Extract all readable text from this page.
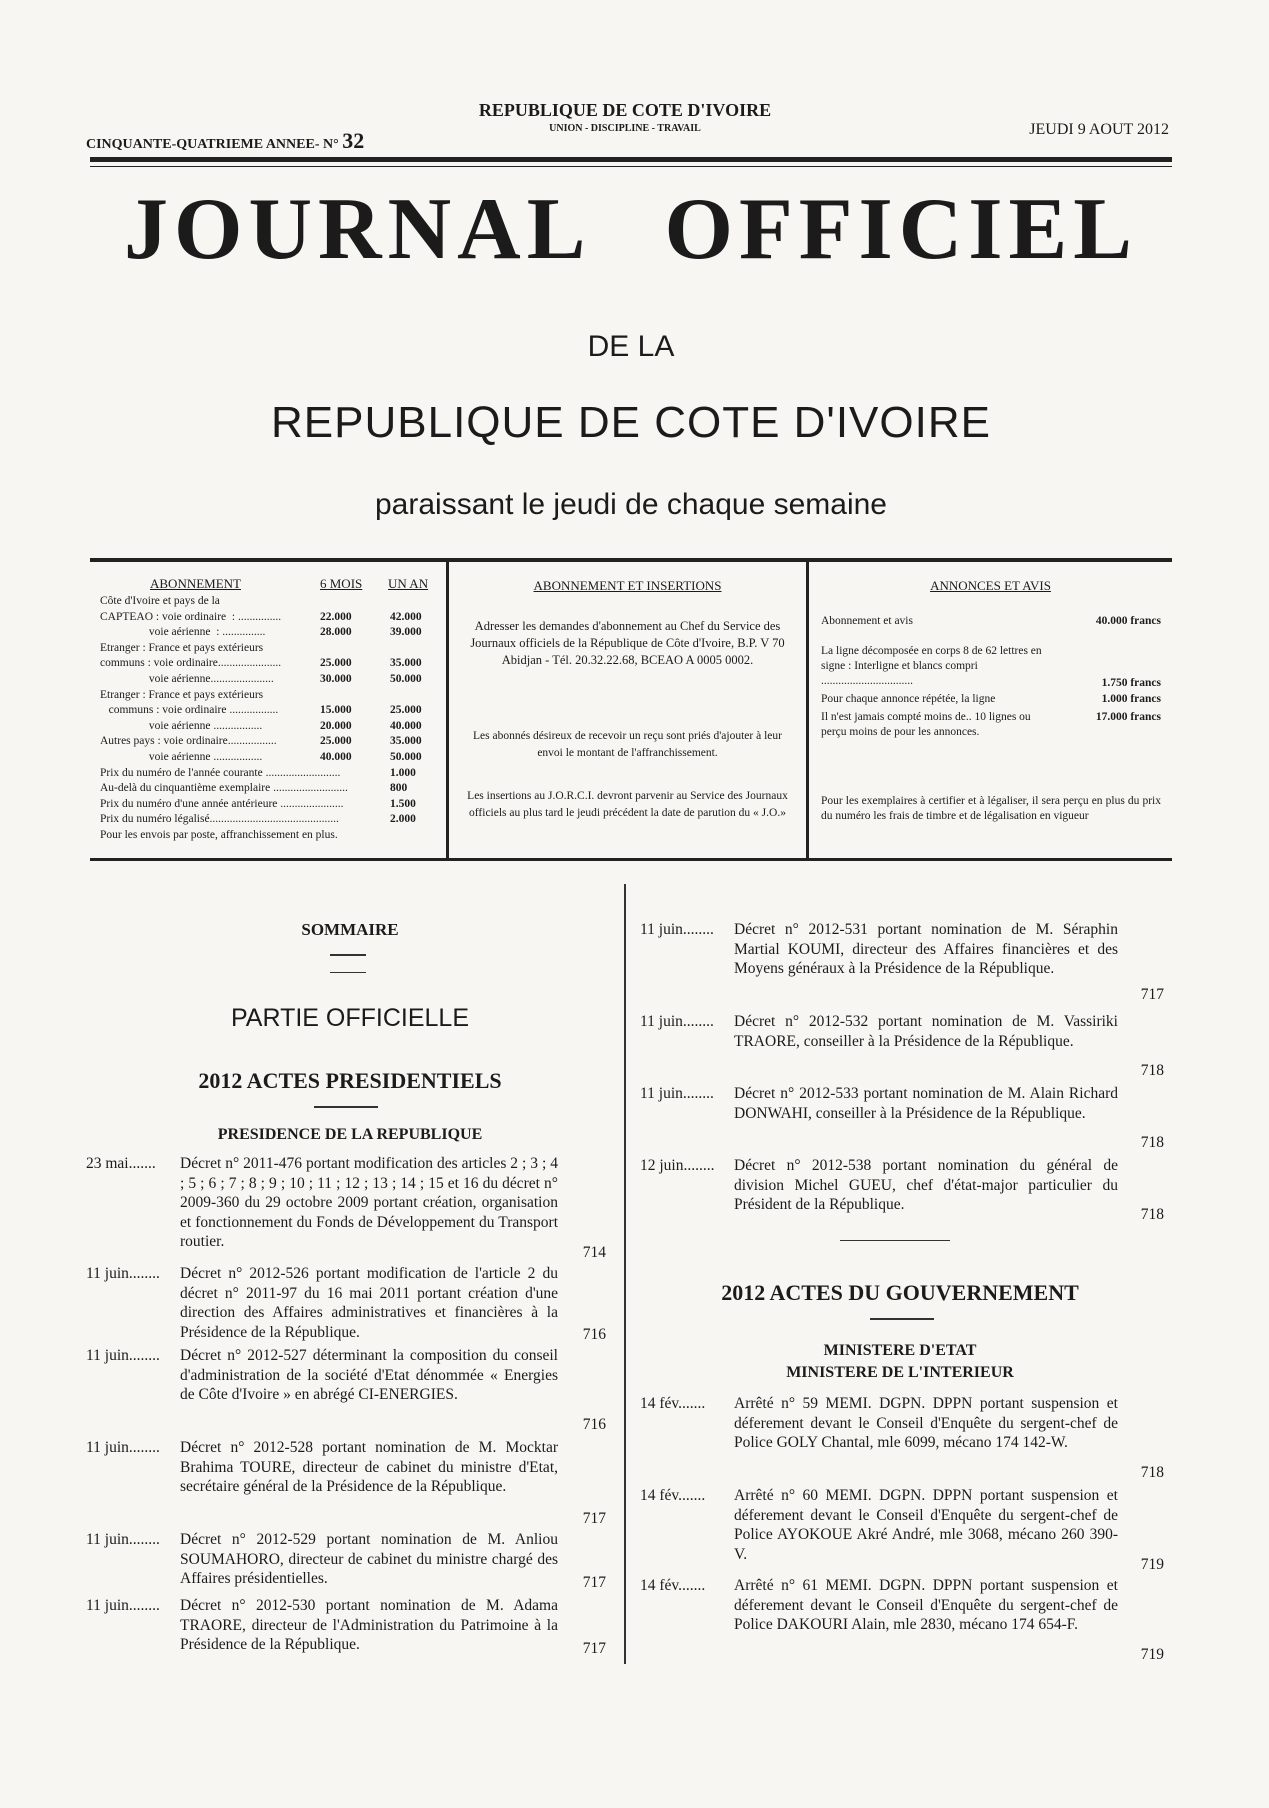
CINQUANTE-QUATRIEME ANNEE- N° 32
REPUBLIQUE DE COTE D'IVOIRE
UNION - DISCIPLINE - TRAVAIL	JEUDI 9 AOUT 2012
JOURNAL OFFICIEL
DE LA
REPUBLIQUE DE COTE D'IVOIRE
paraissant le jeudi de chaque semaine
ABONNEMENT	6 MOIS UN AN
Côte d'Ivoire et pays de la
CAPTEAO : voie ordinaire  : ...............	22.000	42.000
voie aérienne  : ...............	28.000	39.000
Etranger : France et pays extérieurs
communs : voie ordinaire......................	25.000	35.000
voie aérienne......................	30.000	50.000
Etranger : France et pays extérieurs
communs : voie ordinaire .................	15.000	25.000
voie aérienne .................	20.000	40.000
Autres pays : voie ordinaire.................	25.000	35.000
voie aérienne .................	40.000	50.000
Prix du numéro de l'année courante ..........................	1.000
Au-delà du cinquantième exemplaire ..........................	800
Prix du numéro d'une année antérieure ......................	1.500
Prix du numéro légalisé.............................................	2.000
Pour les envois par poste, affranchissement en plus.
ABONNEMENT ET INSERTIONS

Adresser les demandes d'abonnement au Chef du Service des Journaux officiels de la République de Côte d'Ivoire, B.P. V 70 Abidjan - Tél. 20.32.22.68, BCEAO A 0005 0002.

Les abonnés désireux de recevoir un reçu sont priés d'ajouter à leur envoi le montant de l'affranchissement.

Les insertions au J.O.R.C.I. devront parvenir au Service des Journaux officiels au plus tard le jeudi précédent la date de parution du « J.O.»

ANNONCES ET AVIS
Abonnement et avis	40.000 francs
La ligne décomposée en corps 8 de 62 lettres en signe : Interligne et blancs compri ................................	1.750 francs
Pour chaque annonce répétée, la ligne	1.000 francs
Il n'est jamais compté moins de.. 10 lignes ou perçu moins de pour les annonces.
17.000 francs
Pour les exemplaires à certifier et à légaliser, il sera perçu en plus du prix du numéro les frais de timbre et de légalisation en vigueur
SOMMAIRE
PARTIE OFFICIELLE
2012 ACTES PRESIDENTIELS
PRESIDENCE DE LA REPUBLIQUE
23 mai....... Décret n° 2011-476 portant modification des articles 2 ; 3 ; 4 ; 5 ; 6 ; 7 ; 8 ; 9 ; 10 ; 11 ; 12 ; 13 ; 14 ; 15 et 16 du décret n° 2009-360 du 29 octobre 2009 portant création, organisation et fonctionnement du Fonds de Développement du Transport routier.
714
11 juin........ Décret n° 2012-526 portant modification de l'article 2 du décret n° 2011-97 du 16 mai 2011 portant création d'une direction des Affaires administratives et financières à la Présidence de la République.	716
11 juin........ Décret n° 2012-527 déterminant la composition du conseil d'administration de la société d'Etat dénommée « Energies de Côte d'Ivoire » en abrégé CI-ENERGIES.
716
11 juin........ Décret n° 2012-528 portant nomination de M. Mocktar Brahima TOURE, directeur de cabinet du ministre d'Etat, secrétaire général de la Présidence de la République.
717
11 juin........ Décret n° 2012-529 portant nomination de M. Anliou SOUMAHORO, directeur de cabinet du ministre chargé des Affaires présidentielles.	717
11 juin........ Décret n° 2012-530 portant nomination de M. Adama TRAORE, directeur de l'Administration du Patrimoine à la Présidence de la République.	717
11 juin........ Décret n° 2012-531 portant nomination de M. Séraphin Martial KOUMI, directeur des Affaires financières et des Moyens généraux à la Présidence de la République.
717
11 juin........ Décret n° 2012-532 portant nomination de M. Vassiriki TRAORE, conseiller à la Présidence de la République.
718
11 juin........ Décret n° 2012-533 portant nomination de M. Alain Richard DONWAHI, conseiller à la Présidence de la République.
718
12 juin........ Décret n° 2012-538 portant nomination du général de division Michel GUEU, chef d'état-major particulier du Président de la République.
718
2012 ACTES DU GOUVERNEMENT
MINISTERE D'ETAT
MINISTERE DE L'INTERIEUR
14 fév....... Arrêté n° 59 MEMI. DGPN. DPPN portant suspension et déferement devant le Conseil d'Enquête du sergent-chef de Police GOLY Chantal, mle 6099, mécano 174 142-W.
718
14 fév....... Arrêté n° 60 MEMI. DGPN. DPPN portant suspension et déferement devant le Conseil d'Enquête du sergent-chef de Police AYOKOUE Akré André, mle 3068, mécano 260 390-V.
719
14 fév....... Arrêté n° 61 MEMI. DGPN. DPPN portant suspension et déferement devant le Conseil d'Enquête du sergent-chef de Police DAKOURI Alain, mle 2830, mécano 174 654-F.
719
